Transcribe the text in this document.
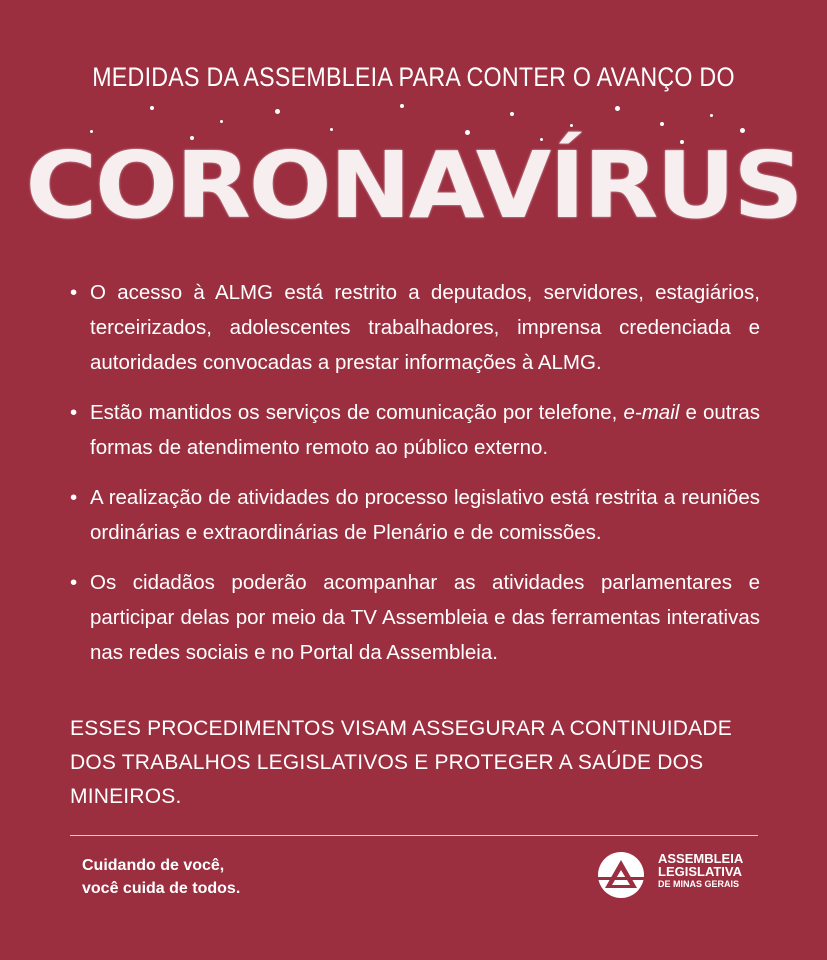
MEDIDAS DA ASSEMBLEIA PARA CONTER O AVANÇO DO
CORONAVÍRUS
• O acesso à ALMG está restrito a deputados, servidores, estagiários, terceirizados, adolescentes trabalhadores, imprensa credenciada e autoridades convocadas a prestar informações à ALMG.
• Estão mantidos os serviços de comunicação por telefone, e-mail e outras formas de atendimento remoto ao público externo.
• A realização de atividades do processo legislativo está restrita a reuniões ordinárias e extraordinárias de Plenário e de comissões.
• Os cidadãos poderão acompanhar as atividades parlamentares e participar delas por meio da TV Assembleia e das ferramentas interativas nas redes sociais e no Portal da Assembleia.
ESSES PROCEDIMENTOS VISAM ASSEGURAR A CONTINUIDADE DOS TRABALHOS LEGISLATIVOS E PROTEGER A SAÚDE DOS MINEIROS.
Cuidando de você,
você cuida de todos.
ASSEMBLEIA
LEGISLATIVA
DE MINAS GERAIS
